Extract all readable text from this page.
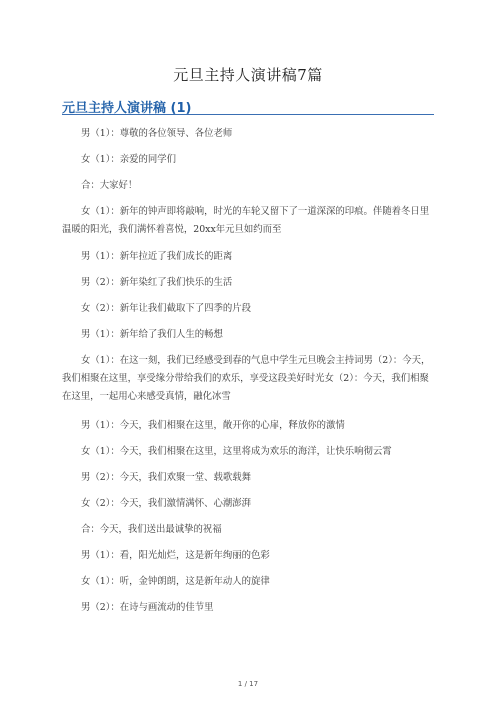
元旦主持人演讲稿7篇
元旦主持人演讲稿 (1)

男（1）：尊敬的各位领导、各位老师

女（1）：亲爱的同学们

合：大家好！

女（1）：新年的钟声即将敲响，时光的车轮又留下了一道深深的印痕。伴随着冬日里温暖的阳光，我们满怀着喜悦，20xx年元旦如约而至

男（1）：新年拉近了我们成长的距离

男（2）：新年染红了我们快乐的生活

女（2）：新年让我们截取下了四季的片段

男（1）：新年给了我们人生的畅想

女（1）：在这一刻，我们已经感受到春的气息中学生元旦晚会主持词男（2）：今天，我们相聚在这里，享受缘分带给我们的欢乐，享受这段美好时光女（2）：今天，我们相聚在这里，一起用心来感受真情，融化冰雪

男（1）：今天，我们相聚在这里，敞开你的心扉，释放你的激情

女（1）：今天，我们相聚在这里，这里将成为欢乐的海洋，让快乐响彻云霄

男（2）：今天，我们欢聚一堂、载歌载舞

女（2）：今天，我们激情满怀、心潮澎湃

合：今天，我们送出最诚挚的祝福

男（1）：看，阳光灿烂，这是新年绚丽的色彩

女（1）：听，金钟朗朗，这是新年动人的旋律

男（2）：在诗与画流动的佳节里

1 / 17
